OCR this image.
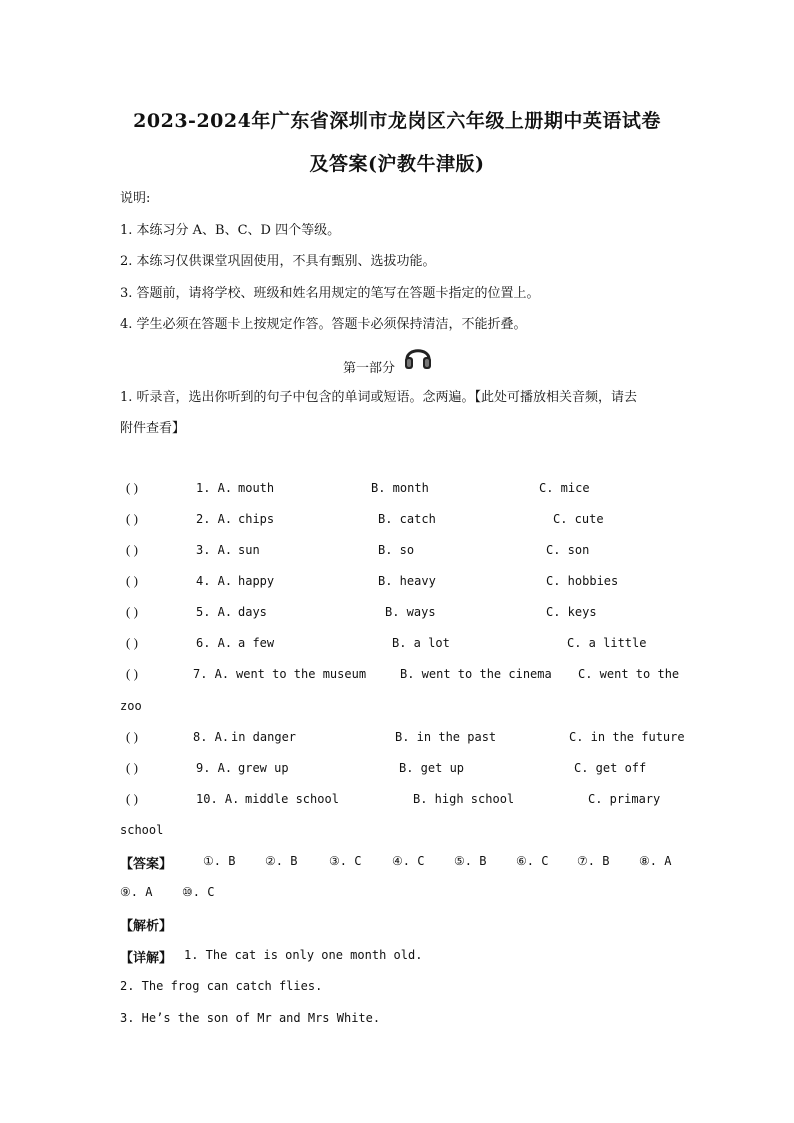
2023-2024年广东省深圳市龙岗区六年级上册期中英语试卷
及答案(沪教牛津版)
说明:
1. 本练习分 A、B、C、D 四个等级。
2. 本练习仅供课堂巩固使用，不具有甄别、选拔功能。
3. 答题前，请将学校、班级和姓名用规定的笔写在答题卡指定的位置上。
4. 学生必须在答题卡上按规定作答。答题卡必须保持清洁，不能折叠。
第一部分
1. 听录音，选出你听到的句子中包含的单词或短语。念两遍。【此处可播放相关音频，请去
附件查看】
( )	1. A. mouth	B. month	C. mice
( )	2. A. chips	B. catch	C. cute
( )	3. A. sun	B. so	C. son
( )	4. A. happy	B. heavy	C. hobbies
( )	5. A. days	B. ways	C. keys
( )	6. A. a few	B. a lot	C. a little
( )	7. A. went to the museum	B. went to the cinema C. went to the
zoo
( )	8. A. in danger	B. in the past	C. in the future
( )	9. A. grew up	B. get up	C. get off
( )	10. A. middle school	B. high school	C. primary
school
【答案】	①. B ②. B	③. C	④. C ⑤. B ⑥. C ⑦. B ⑧. A
⑨. A ⑩. C
【解析】
【详解】 1. The cat is only one month old.
2. The frog can catch flies.
3. He’s the son of Mr and Mrs White.
